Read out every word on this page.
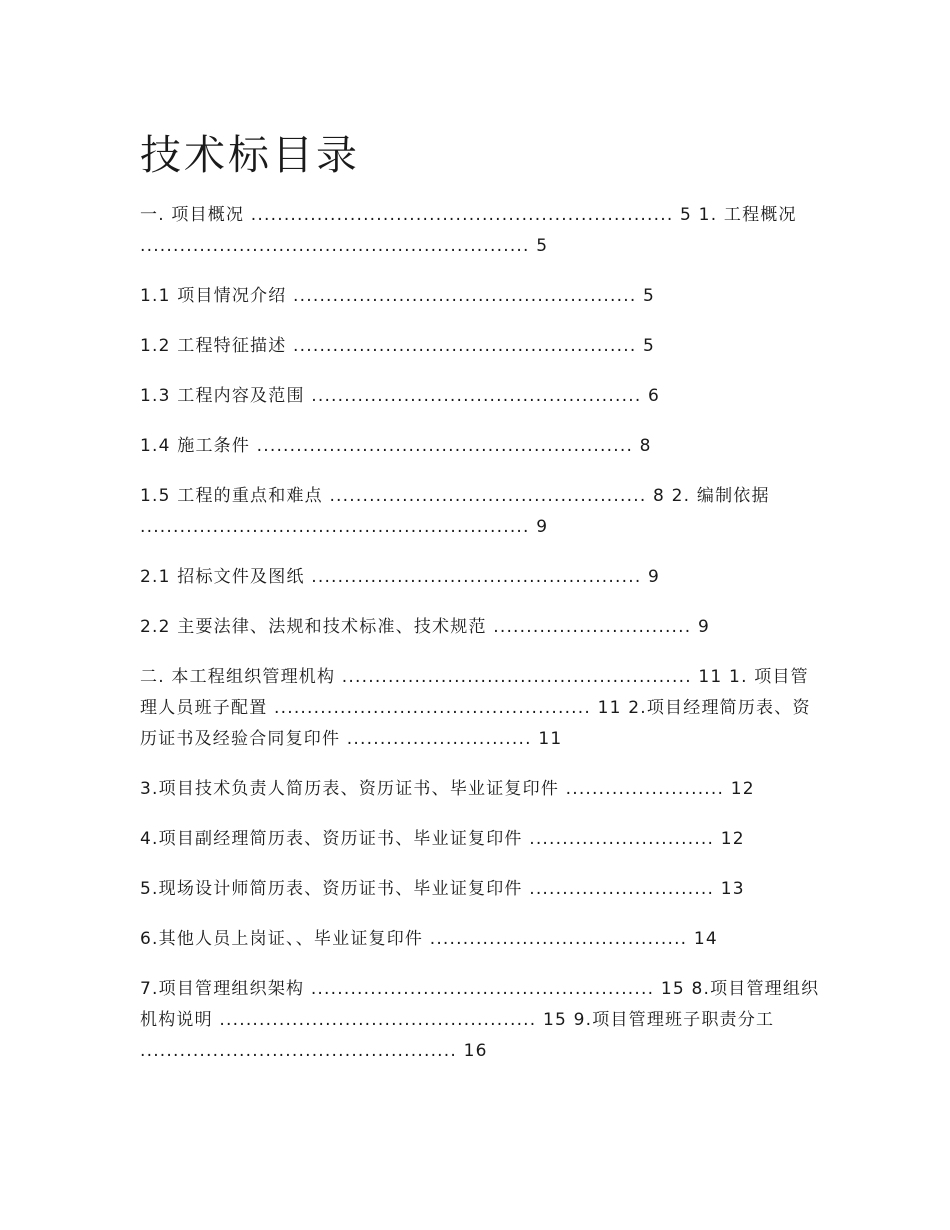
技术标目录

一. 项目概况 ................................................................ 5 1. 工程概况 ........................................................... 5

1.1 项目情况介绍 .................................................... 5

1.2 工程特征描述 .................................................... 5

1.3 工程内容及范围 .................................................. 6

1.4 施工条件 ......................................................... 8

1.5 工程的重点和难点 ................................................ 8 2. 编制依据 ........................................................... 9

2.1 招标文件及图纸 .................................................. 9

2.2 主要法律、法规和技术标准、技术规范 .............................. 9

二. 本工程组织管理机构 ..................................................... 11 1. 项目管理人员班子配置 ................................................ 11 2.项目经理简历表、资历证书及经验合同复印件 ............................ 11

3.项目技术负责人简历表、资历证书、毕业证复印件 ........................ 12

4.项目副经理简历表、资历证书、毕业证复印件 ............................ 12

5.现场设计师简历表、资历证书、毕业证复印件 ............................ 13

6.其他人员上岗证、、毕业证复印件 ....................................... 14

7.项目管理组织架构 .................................................... 15 8.项目管理组织机构说明 ................................................ 15 9.项目管理班子职责分工 ................................................ 16
